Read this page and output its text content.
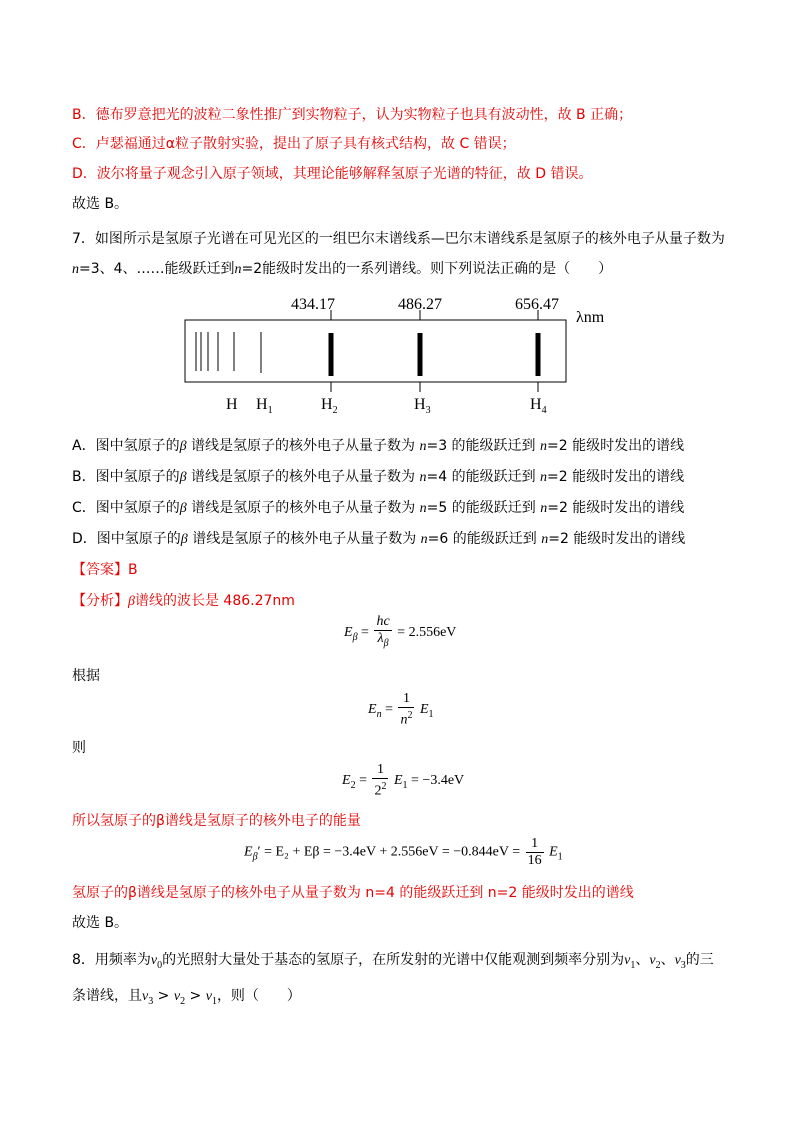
B．德布罗意把光的波粒二象性推广到实物粒子，认为实物粒子也具有波动性，故 B 正确；
C．卢瑟福通过α粒子散射实验，提出了原子具有核式结构，故 C 错误；
D．波尔将量子观念引入原子领域，其理论能够解释氢原子光谱的特征，故 D 错误。
故选 B。
7．如图所示是氢原子光谱在可见光区的一组巴尔末谱线系—巴尔末谱线系是氢原子的核外电子从量子数为
n=3、4、……能级跃迁到n=2能级时发出的一系列谱线。则下列说法正确的是（　　）
434.17	486.27	656.47
λnm
H $H_1$	$H_2$	$H_3$	$H_4$
A．图中氢原子的β 谱线是氢原子的核外电子从量子数为 n=3 的能级跃迁到 n=2 能级时发出的谱线
B．图中氢原子的β 谱线是氢原子的核外电子从量子数为 n=4 的能级跃迁到 n=2 能级时发出的谱线
C．图中氢原子的β 谱线是氢原子的核外电子从量子数为 n=5 的能级跃迁到 n=2 能级时发出的谱线
D．图中氢原子的β 谱线是氢原子的核外电子从量子数为 n=6 的能级跃迁到 n=2 能级时发出的谱线
【答案】B
【分析】β谱线的波长是 486.27nm
$E_\beta = \frac{hc}{\lambda_\beta} = 2.556eV$
根据
$E_n = \frac{1}{n^2} E_1$
则
$E_2 = \frac{1}{2^2} E_1 = -3.4eV$
所以氢原子的β谱线是氢原子的核外电子的能量
$E_\beta' = E_2 + E\beta = -3.4eV + 2.556eV = -0.844eV = \frac{1}{16} E_1$
氢原子的β谱线是氢原子的核外电子从量子数为 n=4 的能级跃迁到 n=2 能级时发出的谱线
故选 B。
8．用频率为$\nu_0$的光照射大量处于基态的氢原子，在所发射的光谱中仅能观测到频率分别为$\nu_1$、$\nu_2$、$\nu_3$的三
条谱线，且$\nu_3 > \nu_2 > \nu_1$，则（　　）
